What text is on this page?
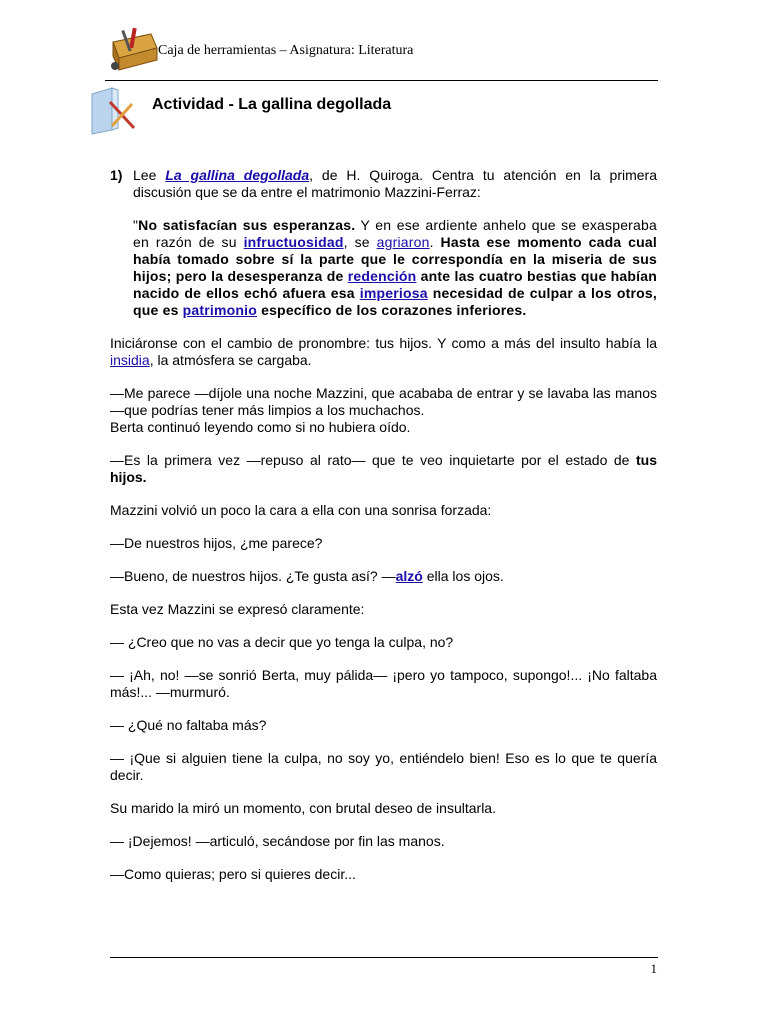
Caja de herramientas – Asignatura: Literatura
Actividad - La gallina degollada
1) Lee La gallina degollada, de H. Quiroga. Centra tu atención en la primera discusión que se da entre el matrimonio Mazzini-Ferraz:

"No satisfacían sus esperanzas. Y en ese ardiente anhelo que se exasperaba en razón de su infructuosidad, se agriaron. Hasta ese momento cada cual había tomado sobre sí la parte que le correspondía en la miseria de sus hijos; pero la desesperanza de redención ante las cuatro bestias que habían nacido de ellos echó afuera esa imperiosa necesidad de culpar a los otros, que es patrimonio específico de los corazones inferiores.

Iniciáronse con el cambio de pronombre: tus hijos. Y como a más del insulto había la insidia, la atmósfera se cargaba.

—Me parece —díjole una noche Mazzini, que acababa de entrar y se lavaba las manos—que podrías tener más limpios a los muchachos.
Berta continuó leyendo como si no hubiera oído.

—Es la primera vez —repuso al rato— que te veo inquietarte por el estado de tus hijos.

Mazzini volvió un poco la cara a ella con una sonrisa forzada:

—De nuestros hijos, ¿me parece?

—Bueno, de nuestros hijos. ¿Te gusta así? —alzó ella los ojos.

Esta vez Mazzini se expresó claramente:

— ¿Creo que no vas a decir que yo tenga la culpa, no?

— ¡Ah, no! —se sonrió Berta, muy pálida— ¡pero yo tampoco, supongo!... ¡No faltaba más!... —murmuró.

— ¿Qué no faltaba más?

— ¡Que si alguien tiene la culpa, no soy yo, entiéndelo bien! Eso es lo que te quería decir.

Su marido la miró un momento, con brutal deseo de insultarla.

— ¡Dejemos! —articuló, secándose por fin las manos.

—Como quieras; pero si quieres decir...

1
